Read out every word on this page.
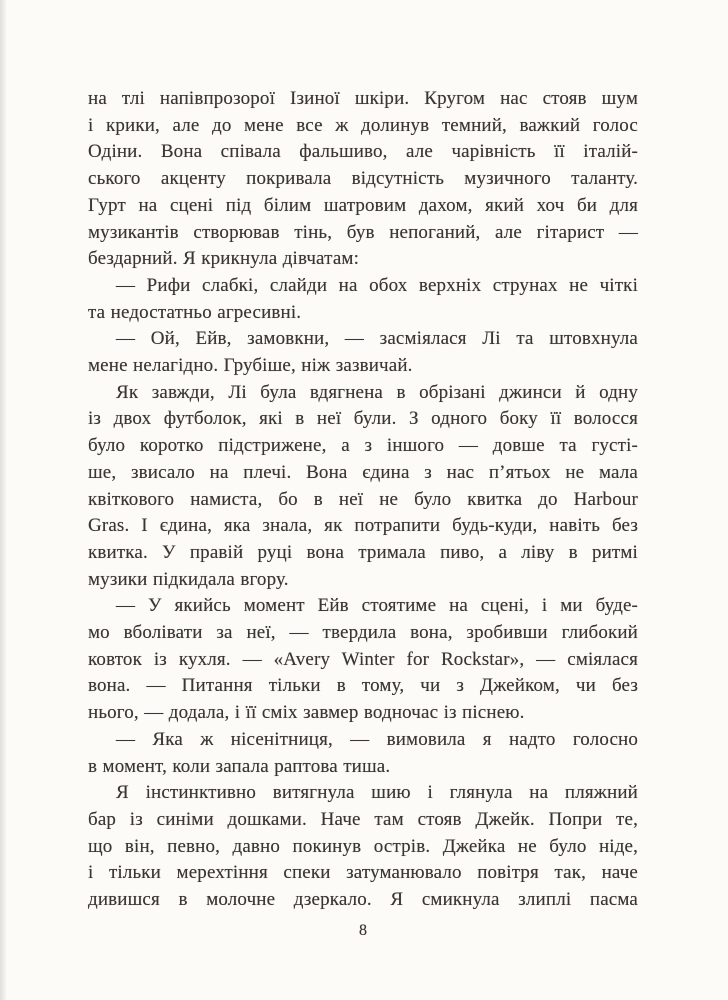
на тлі напівпрозорої Ізиної шкіри. Кругом нас стояв шум
і крики, але до мене все ж долинув темний, важкий голос
Одіни. Вона співала фальшиво, але чарівність її італій-
ського акценту покривала відсутність музичного таланту.
Гурт на сцені під білим шатровим дахом, який хоч би для
музикантів створював тінь, був непоганий, але гітарист —
бездарний. Я крикнула дівчатам:
— Рифи слабкі, слайди на обох верхніх струнах не чіткі
та недостатньо агресивні.
— Ой, Ейв, замовкни, — засміялася Лі та штовхнула
мене нелагідно. Грубіше, ніж зазвичай.
Як завжди, Лі була вдягнена в обрізані джинси й одну
із двох футболок, які в неї були. З одного боку її волосся
було коротко підстрижене, а з іншого — довше та густі-
ше, звисало на плечі. Вона єдина з нас п’ятьох не мала
квіткового намиста, бо в неї не було квитка до Harbour
Gras. І єдина, яка знала, як потрапити будь-куди, навіть без
квитка. У правій руці вона тримала пиво, а ліву в ритмі
музики підкидала вгору.
— У якийсь момент Ейв стоятиме на сцені, і ми буде-
мо вболівати за неї, — твердила вона, зробивши глибокий
ковток із кухля. — «Avery Winter for Rockstar», — сміялася
вона. — Питання тільки в тому, чи з Джейком, чи без
нього, — додала, і її сміх завмер водночас із піснею.
— Яка ж нісенітниця, — вимовила я надто голосно
в момент, коли запала раптова тиша.
Я інстинктивно витягнула шию і глянула на пляжний
бар із синіми дошками. Наче там стояв Джейк. Попри те,
що він, певно, давно покинув острів. Джейка не було ніде,
і тільки мерехтіння спеки затуманювало повітря так, наче
дивишся в молочне дзеркало. Я смикнула злиплі пасма
8
